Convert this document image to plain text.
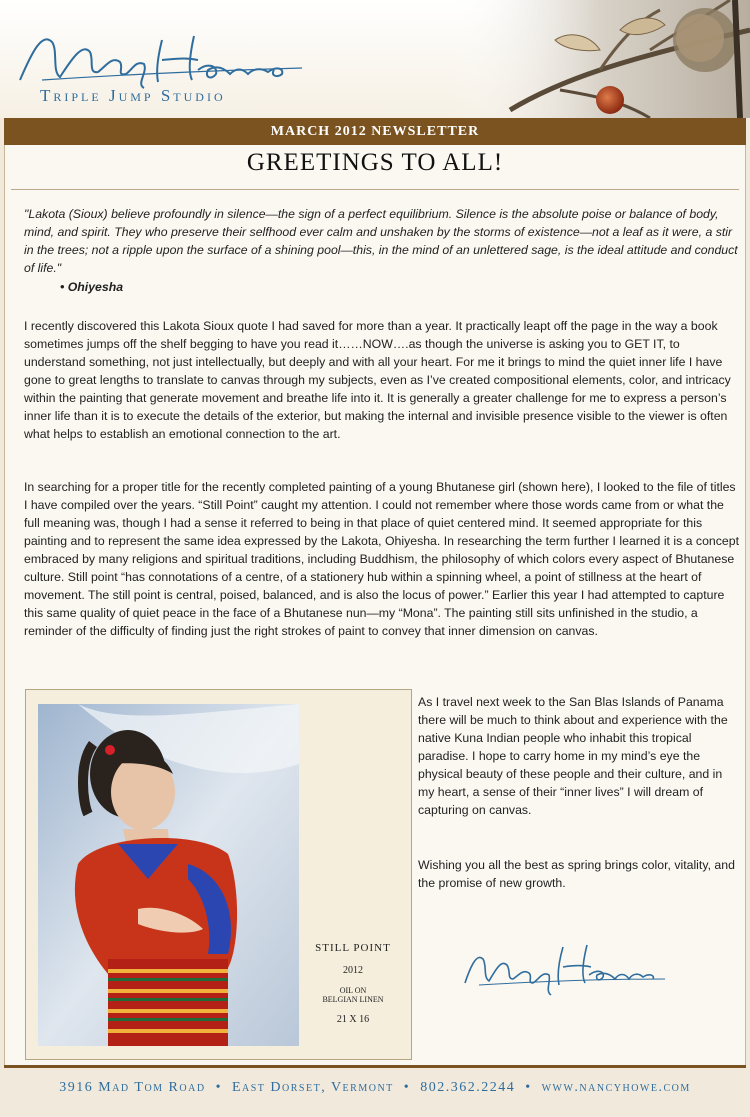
Triple Jump Studio
MARCH 2012 NEWSLETTER
GREETINGS TO ALL!

"Lakota (Sioux) believe profoundly in silence—the sign of a perfect equilibrium. Silence is the absolute poise or balance of body, mind, and spirit. They who preserve their selfhood ever calm and unshaken by the storms of existence—not a leaf as it were, a stir in the trees; not a ripple upon the surface of a shining pool—this, in the mind of an unlettered sage, is the ideal attitude and conduct of life."

• Ohiyesha

I recently discovered this Lakota Sioux quote I had saved for more than a year. It practically leapt off the page in the way a book sometimes jumps off the shelf begging to have you read it……NOW….as though the universe is asking you to GET IT, to understand something, not just intellectually, but deeply and with all your heart. For me it brings to mind the quiet inner life I have gone to great lengths to translate to canvas through my subjects, even as I’ve created compositional elements, color, and intricacy within the painting that generate movement and breathe life into it. It is generally a greater challenge for me to express a person’s inner life than it is to execute the details of the exterior, but making the internal and invisible presence visible to the viewer is often what helps to establish an emotional connection to the art.

In searching for a proper title for the recently completed painting of a young Bhutanese girl (shown here), I looked to the file of titles I have compiled over the years. “Still Point” caught my attention. I could not remember where those words came from or what the full meaning was, though I had a sense it referred to being in that place of quiet centered mind. It seemed appropriate for this painting and to represent the same idea expressed by the Lakota, Ohiyesha. In researching the term further I learned it is a concept embraced by many religions and spiritual traditions, including Buddhism, the philosophy of which colors every aspect of Bhutanese culture. Still point “has connotations of a centre, of a stationery hub within a spinning wheel, a point of stillness at the heart of movement. The still point is central, poised, balanced, and is also the locus of power.” Earlier this year I had attempted to capture this same quality of quiet peace in the face of a Bhutanese nun—my “Mona”. The painting still sits unfinished in the studio, a reminder of the difficulty of finding just the right strokes of paint to convey that inner dimension on canvas.

STILL POINT
2012
OIL ON
BELGIAN LINEN
21 X 16

As I travel next week to the San Blas Islands of Panama there will be much to think about and experience with the native Kuna Indian people who inhabit this tropical paradise. I hope to carry home in my mind’s eye the physical beauty of these people and their culture, and in my heart, a sense of their “inner lives” I will dream of capturing on canvas.

Wishing you all the best as spring brings color, vitality, and the promise of new growth.

3916 Mad Tom Road • East Dorset, Vermont • 802.362.2244 • www.nancyhowe.com
